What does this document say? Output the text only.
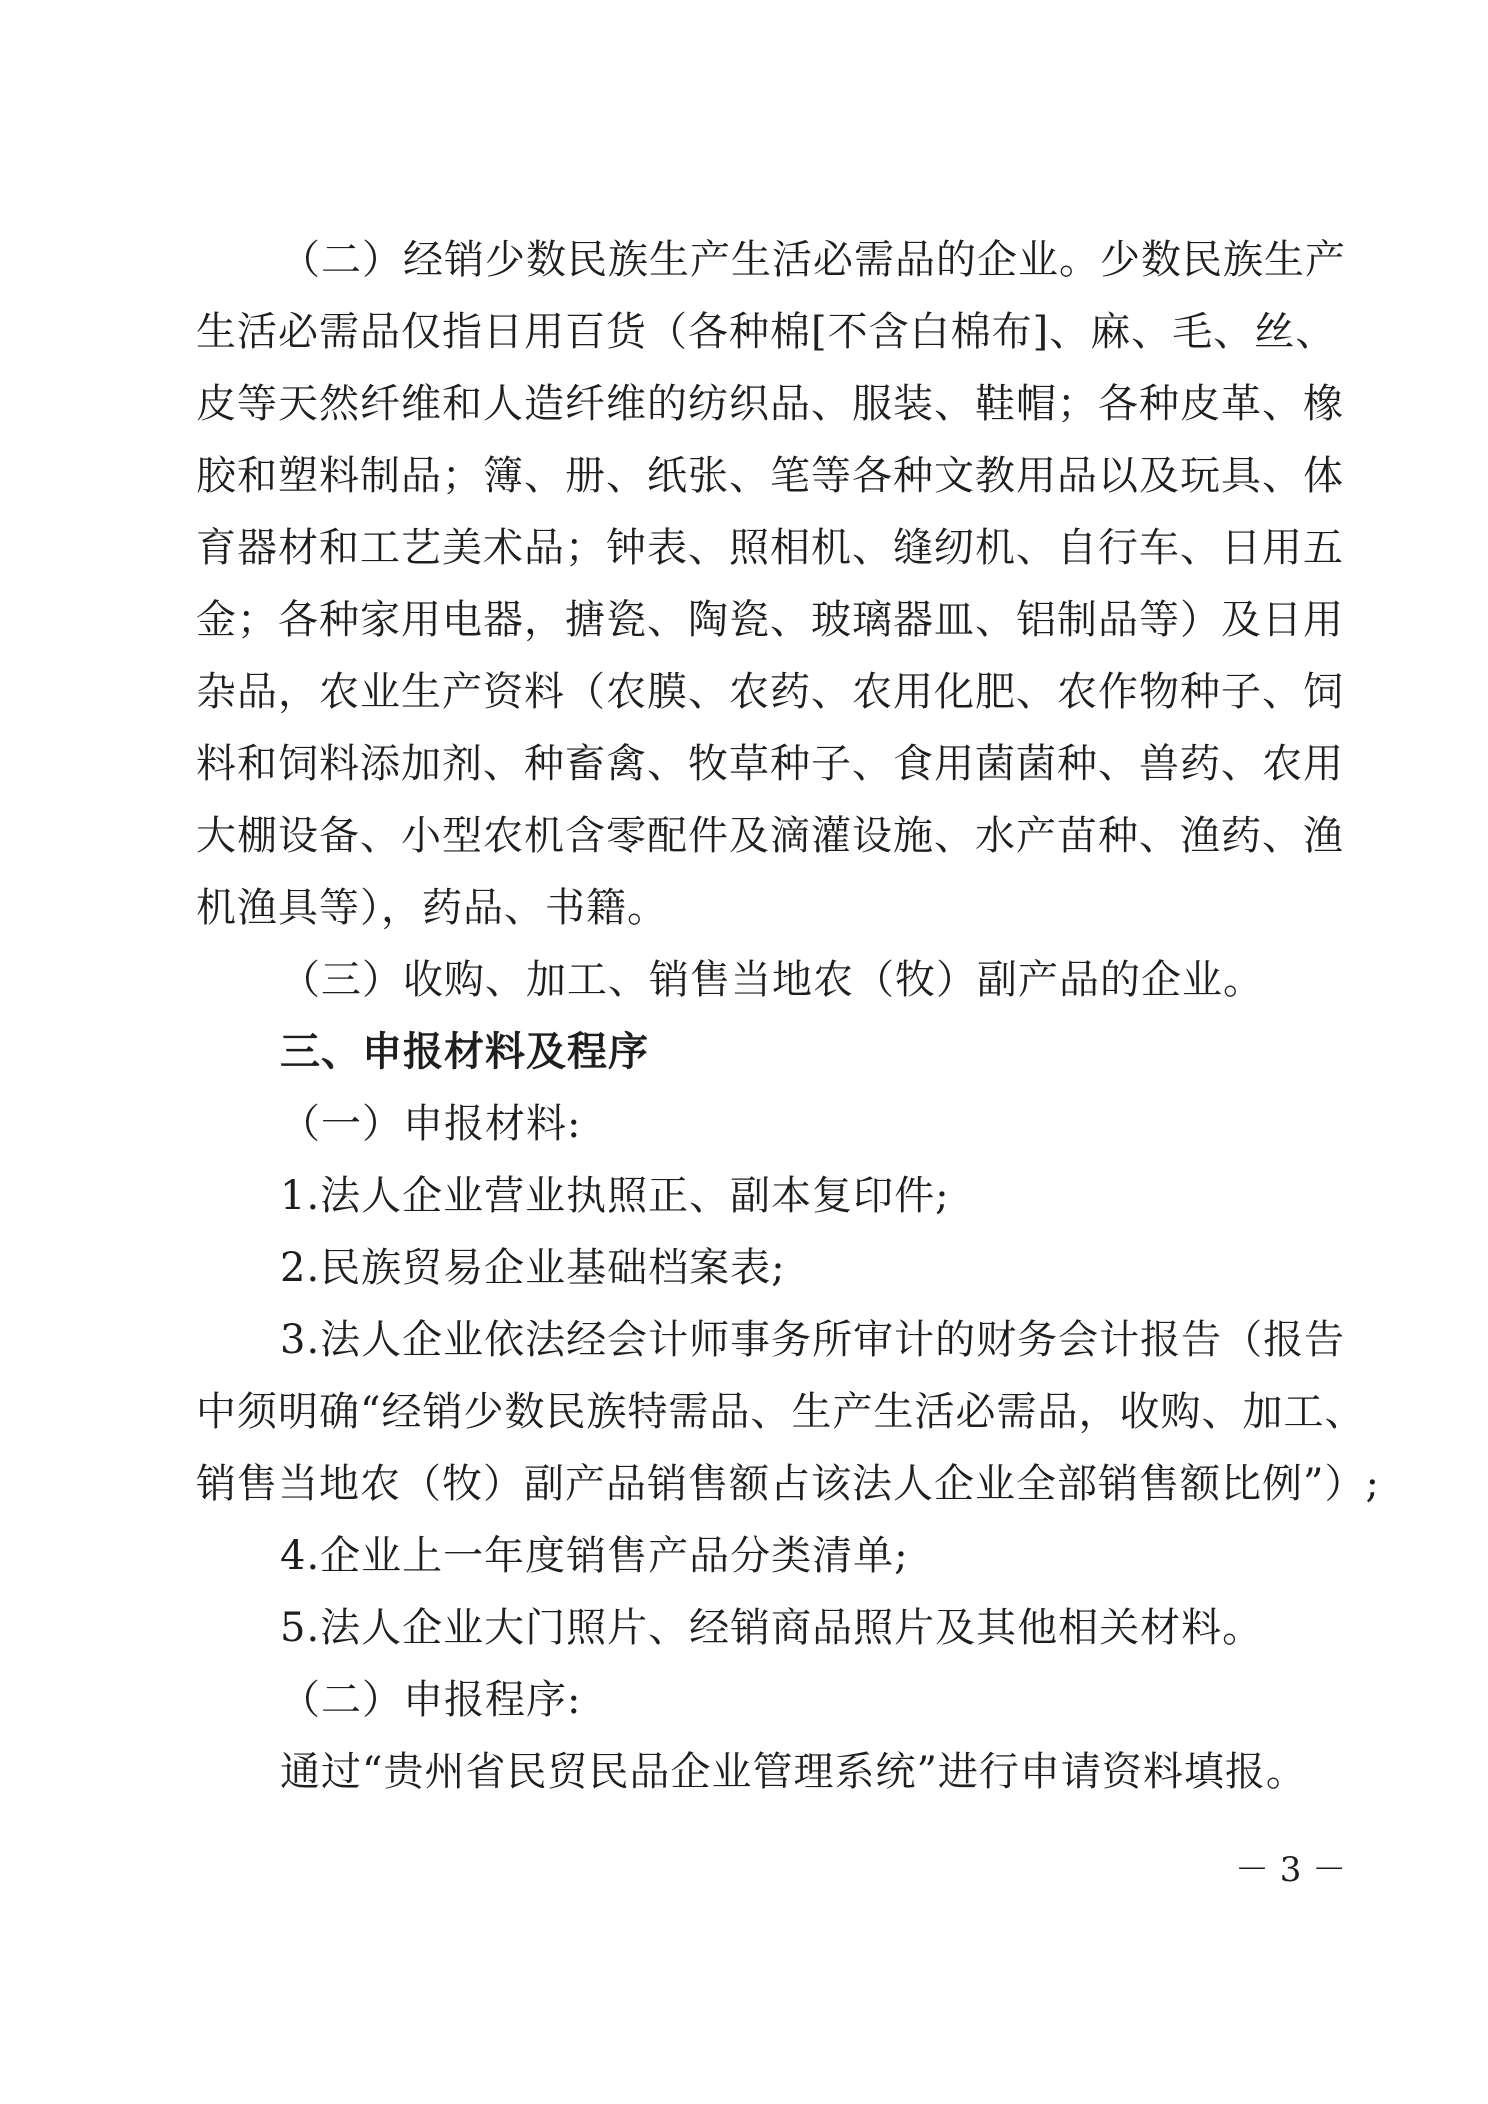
（二）经销少数民族生产生活必需品的企业。少数民族生产
生活必需品仅指日用百货（各种棉[不含白棉布]、麻、毛、丝、
皮等天然纤维和人造纤维的纺织品、服装、鞋帽；各种皮革、橡
胶和塑料制品；簿、册、纸张、笔等各种文教用品以及玩具、体
育器材和工艺美术品；钟表、照相机、缝纫机、自行车、日用五
金；各种家用电器，搪瓷、陶瓷、玻璃器皿、铝制品等）及日用
杂品，农业生产资料（农膜、农药、农用化肥、农作物种子、饲
料和饲料添加剂、种畜禽、牧草种子、食用菌菌种、兽药、农用
大棚设备、小型农机含零配件及滴灌设施、水产苗种、渔药、渔
机渔具等），药品、书籍。
（三）收购、加工、销售当地农（牧）副产品的企业。
三、申报材料及程序
（一）申报材料:
1.法人企业营业执照正、副本复印件;
2.民族贸易企业基础档案表;
3.法人企业依法经会计师事务所审计的财务会计报告（报告
中须明确“经销少数民族特需品、生产生活必需品，收购、加工、
销售当地农（牧）副产品销售额占该法人企业全部销售额比例”）;
4.企业上一年度销售产品分类清单;
5.法人企业大门照片、经销商品照片及其他相关材料。
（二）申报程序:
通过“贵州省民贸民品企业管理系统”进行申请资料填报。
－ 3 －
